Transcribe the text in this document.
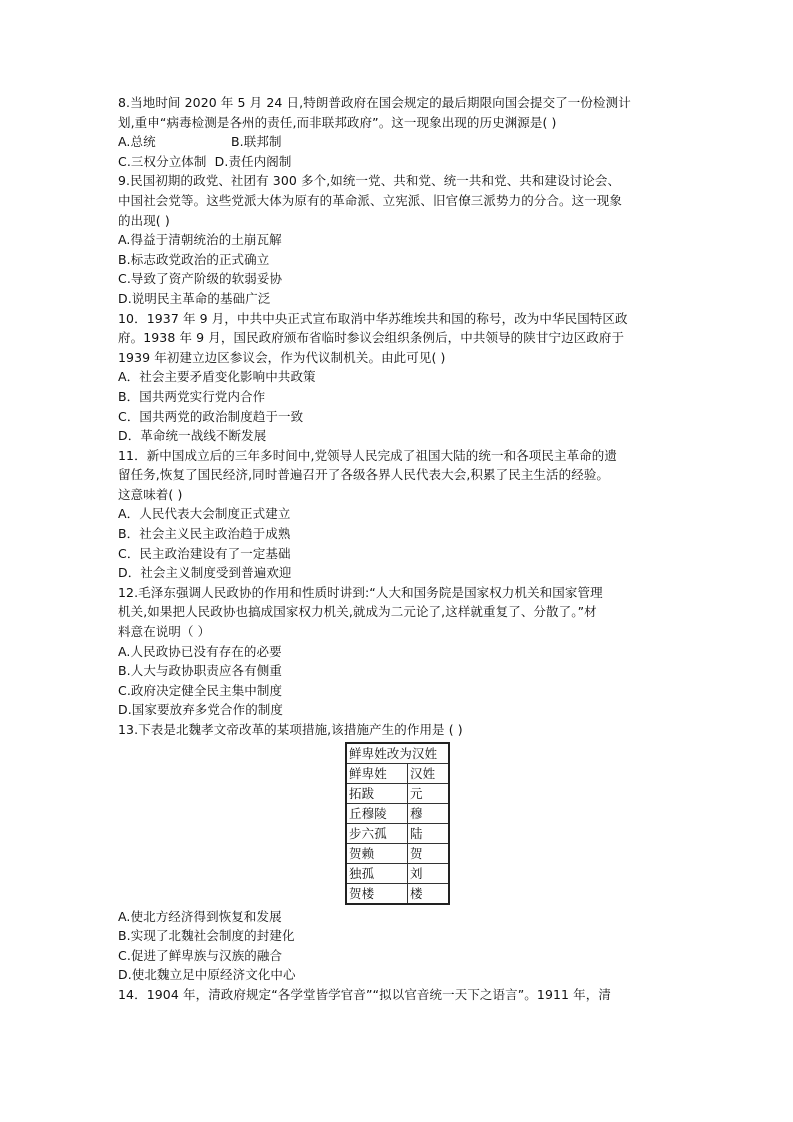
8.当地时间 2020 年 5 月 24 日,特朗普政府在国会规定的最后期限向国会提交了一份检测计
划,重申“病毒检测是各州的责任,而非联邦政府”。这一现象出现的历史渊源是( )
A.总统	B.联邦制
C.三权分立体制 D.责任内阁制
9.民国初期的政党、社团有 300 多个,如统一党、共和党、统一共和党、共和建设讨论会、
中国社会党等。这些党派大体为原有的革命派、立宪派、旧官僚三派势力的分合。这一现象
的出现( )
A.得益于清朝统治的土崩瓦解
B.标志政党政治的正式确立
C.导致了资产阶级的软弱妥协
D.说明民主革命的基础广泛
10．1937 年 9 月，中共中央正式宣布取消中华苏维埃共和国的称号，改为中华民国特区政
府。1938 年 9 月，国民政府颁布省临时参议会组织条例后，中共领导的陕甘宁边区政府于
1939 年初建立边区参议会，作为代议制机关。由此可见( )
A．社会主要矛盾变化影响中共政策
B．国共两党实行党内合作
C．国共两党的政治制度趋于一致
D．革命统一战线不断发展
11．新中国成立后的三年多时间中,党领导人民完成了祖国大陆的统一和各项民主革命的遗
留任务,恢复了国民经济,同时普遍召开了各级各界人民代表大会,积累了民主生活的经验。
这意味着( )
A．人民代表大会制度正式建立
B．社会主义民主政治趋于成熟
C．民主政治建设有了一定基础
D．社会主义制度受到普遍欢迎
12.毛泽东强调人民政协的作用和性质时讲到:“人大和国务院是国家权力机关和国家管理
机关,如果把人民政协也搞成国家权力机关,就成为二元论了,这样就重复了、分散了。”材
料意在说明（ ）
A.人民政协已没有存在的必要
B.人大与政协职责应各有侧重
C.政府决定健全民主集中制度
D.国家要放弃多党合作的制度
13.下表是北魏孝文帝改革的某项措施,该措施产生的作用是 ( )
鲜卑姓改为汉姓	
鲜卑姓	汉姓
拓跋	元
丘穆陵	穆
步六孤	陆
贺赖	贺
独孤	刘
贺楼	楼
A.使北方经济得到恢复和发展
B.实现了北魏社会制度的封建化
C.促进了鲜卑族与汉族的融合
D.使北魏立足中原经济文化中心
14．1904 年，清政府规定“各学堂皆学官音”“拟以官音统一天下之语言”。1911 年，清
